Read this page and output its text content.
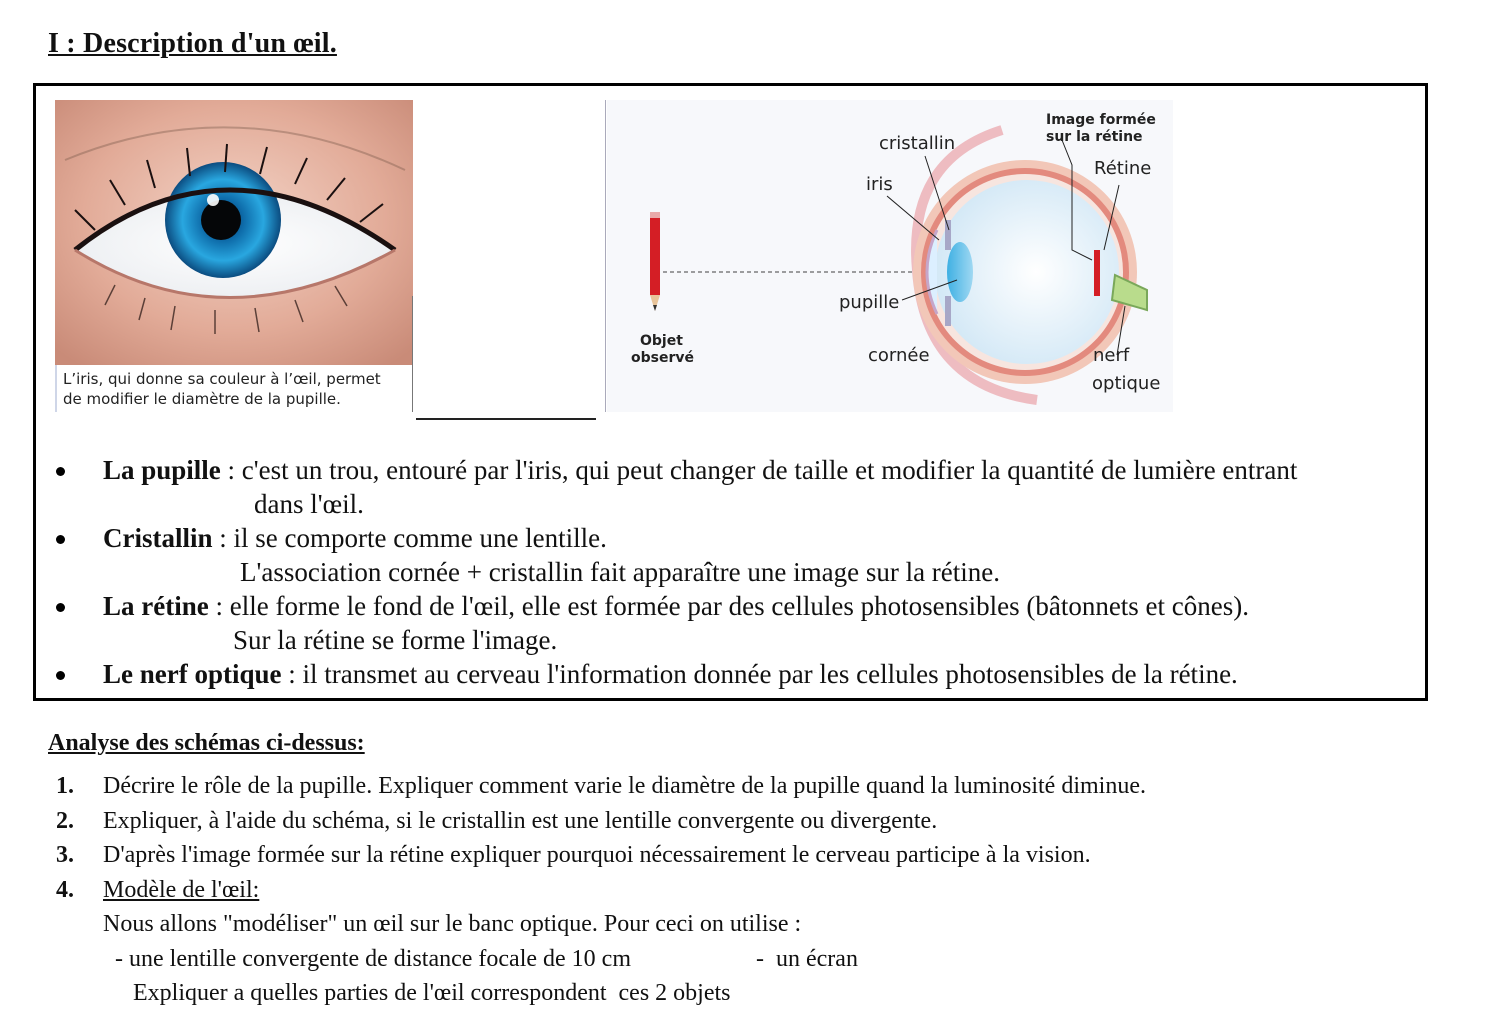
I : Description d'un œil.
L’iris, qui donne sa couleur à l’œil, permet
de modifier le diamètre de la pupille.
Image formée
sur la rétine
cristallin
Rétine
iris
pupille
Objet
observé	cornée	nerf
optique
La pupille : c'est un trou, entouré par l'iris, qui peut changer de taille et modifier la quantité de lumière entrant
dans l'œil.
Cristallin : il se comporte comme une lentille.
L'association cornée + cristallin fait apparaître une image sur la rétine.
La rétine : elle forme le fond de l'œil, elle est formée par des cellules photosensibles (bâtonnets et cônes).
Sur la rétine se forme l'image.
Le nerf optique : il transmet au cerveau l'information donnée par les cellules photosensibles de la rétine.
Analyse des schémas ci-dessus:
1. Décrire le rôle de la pupille. Expliquer comment varie le diamètre de la pupille quand la luminosité diminue.
2. Expliquer, à l'aide du schéma, si le cristallin est une lentille convergente ou divergente.
3. D'après l'image formée sur la rétine expliquer pourquoi nécessairement le cerveau participe à la vision.
4. Modèle de l'œil:
Nous allons "modéliser" un œil sur le banc optique. Pour ceci on utilise :
- une lentille convergente de distance focale de 10 cm	-  un écran
Expliquer a quelles parties de l'œil correspondent  ces 2 objets
